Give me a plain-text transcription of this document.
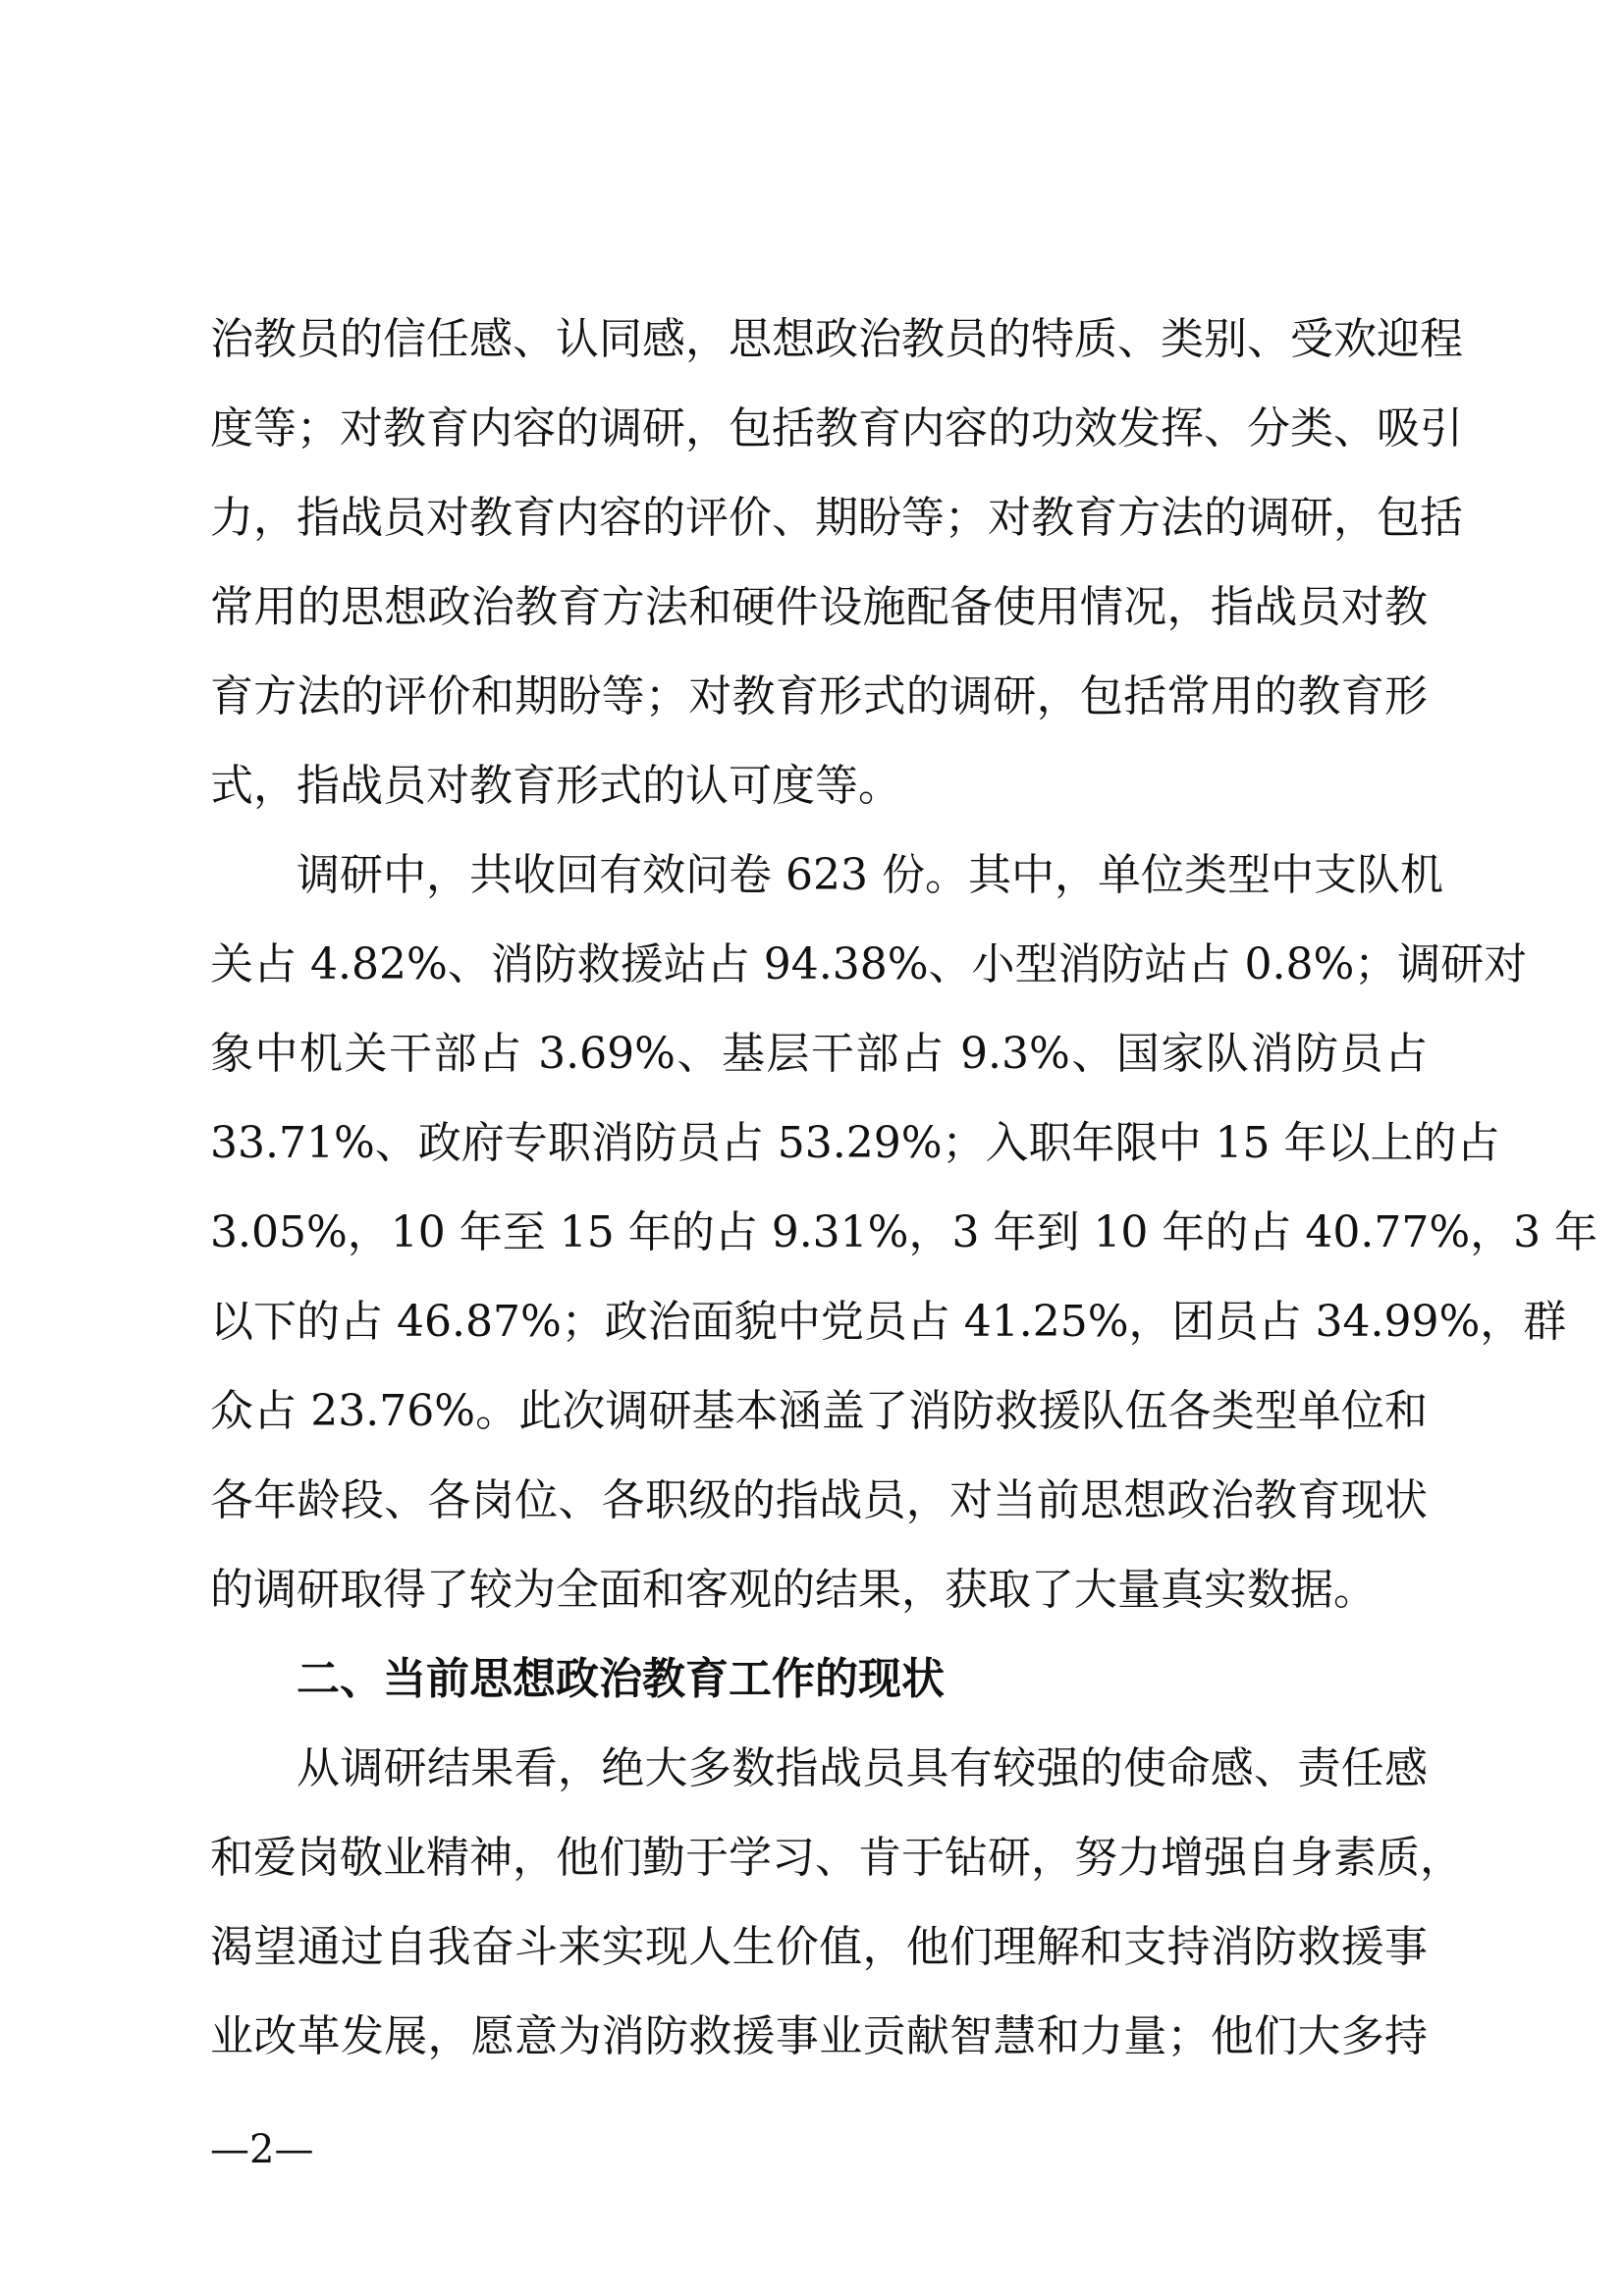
治教员的信任感、认同感，思想政治教员的特质、类别、受欢迎程
度等；对教育内容的调研，包括教育内容的功效发挥、分类、吸引
力，指战员对教育内容的评价、期盼等；对教育方法的调研，包括
常用的思想政治教育方法和硬件设施配备使用情况，指战员对教
育方法的评价和期盼等；对教育形式的调研，包括常用的教育形
式，指战员对教育形式的认可度等。
调研中，共收回有效问卷 623 份。其中，单位类型中支队机
关占 4.82%、消防救援站占 94.38%、小型消防站占 0.8%；调研对
象中机关干部占 3.69%、基层干部占 9.3%、国家队消防员占
33.71%、政府专职消防员占 53.29%；入职年限中 15 年以上的占
3.05%，10 年至 15 年的占 9.31%，3 年到 10 年的占 40.77%，3 年
以下的占 46.87%；政治面貌中党员占 41.25%，团员占 34.99%，群
众占 23.76%。此次调研基本涵盖了消防救援队伍各类型单位和
各年龄段、各岗位、各职级的指战员，对当前思想政治教育现状
的调研取得了较为全面和客观的结果，获取了大量真实数据。
二、当前思想政治教育工作的现状
从调研结果看，绝大多数指战员具有较强的使命感、责任感
和爱岗敬业精神，他们勤于学习、肯于钻研，努力增强自身素质，
渴望通过自我奋斗来实现人生价值，他们理解和支持消防救援事
业改革发展，愿意为消防救援事业贡献智慧和力量；他们大多持
—2—
